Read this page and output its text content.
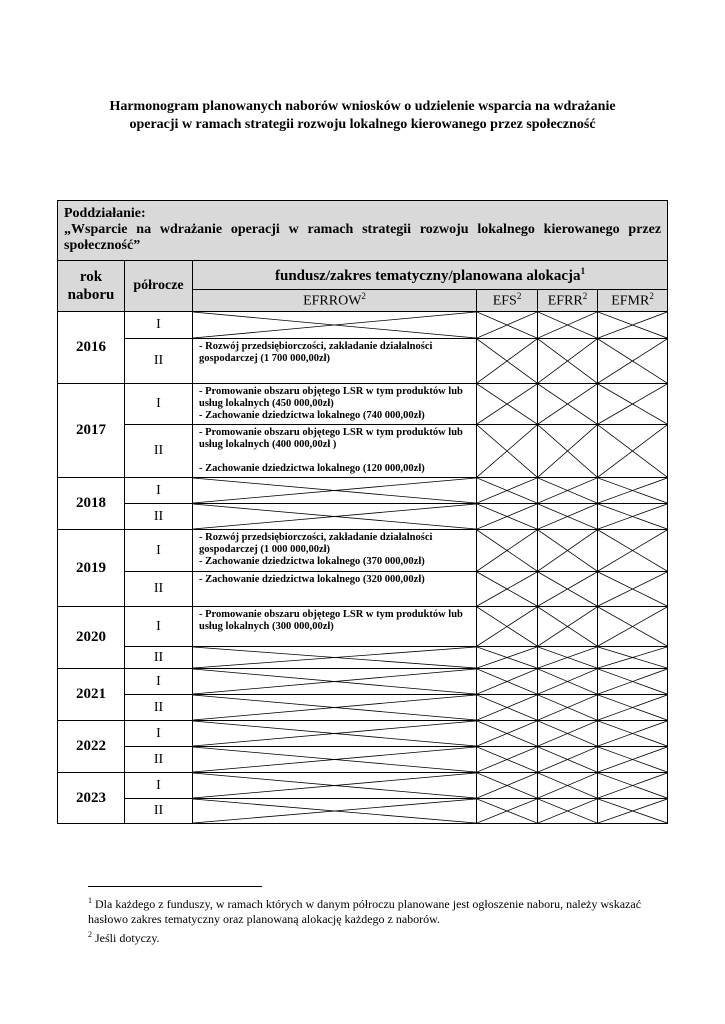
Harmonogram planowanych naborów wniosków o udzielenie wsparcia na wdrażanie
operacji w ramach strategii rozwoju lokalnego kierowanego przez społeczność
Poddziałanie:
„Wsparcie na wdrażanie operacji w ramach strategii rozwoju lokalnego kierowanego przez społeczność”					

rok naboru	półrocze	fundusz/zakres tematyczny/planowana alokacja$^1$
		EFRROW$^2$	EFS$^2$	EFRR$^2$	EFMR$^2$
2016	I	

	II	- Rozwój przedsiębiorczości, zakładanie działalności gospodarczej (1 700 000,00zł)

2017	I	- Promowanie obszaru objętego LSR w tym produktów lub usług lokalnych (450 000,00zł)
- Zachowanie dziedzictwa lokalnego (740 000,00zł)

	II	- Promowanie obszaru objętego LSR w tym produktów lub usług lokalnych (400 000,00zł )

- Zachowanie dziedzictwa lokalnego (120 000,00zł)

2018	I	

	II	

2019	I	- Rozwój przedsiębiorczości, zakładanie działalności gospodarczej (1 000 000,00zł)
- Zachowanie dziedzictwa lokalnego (370 000,00zł)

	II	- Zachowanie dziedzictwa lokalnego (320 000,00zł)

2020	I	- Promowanie obszaru objętego LSR w tym produktów lub usług lokalnych (300 000,00zł)

	II	

2021	I	

	II	

2022	I	

	II	

2023	I	

	II	

$^1$ Dla każdego z funduszy, w ramach których w danym półroczu planowane jest ogłoszenie naboru, należy wskazać hasłowo zakres tematyczny oraz planowaną alokację każdego z naborów.
$^2$ Jeśli dotyczy.
